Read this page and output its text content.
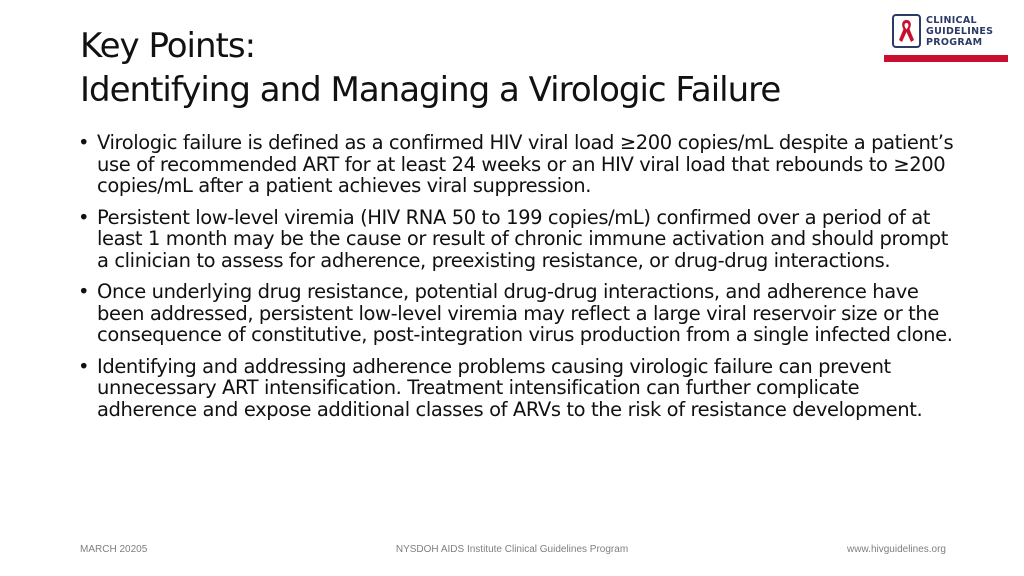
Key Points:
Identifying and Managing a Virologic Failure
CLINICAL
GUIDELINES
PROGRAM
• Virologic failure is defined as a confirmed HIV viral load ≥200 copies/mL despite a patient’s use of recommended ART for at least 24 weeks or an HIV viral load that rebounds to ≥200 copies/mL after a patient achieves viral suppression.
• Persistent low-level viremia (HIV RNA 50 to 199 copies/mL) confirmed over a period of at least 1 month may be the cause or result of chronic immune activation and should prompt a clinician to assess for adherence, preexisting resistance, or drug-drug interactions.
• Once underlying drug resistance, potential drug-drug interactions, and adherence have been addressed, persistent low-level viremia may reflect a large viral reservoir size or the consequence of constitutive, post-integration virus production from a single infected clone.
• Identifying and addressing adherence problems causing virologic failure can prevent unnecessary ART intensification. Treatment intensification can further complicate adherence and expose additional classes of ARVs to the risk of resistance development.
NYSDOH AIDS Institute Clinical Guidelines Program
MARCH 20205	www.hivguidelines.org
